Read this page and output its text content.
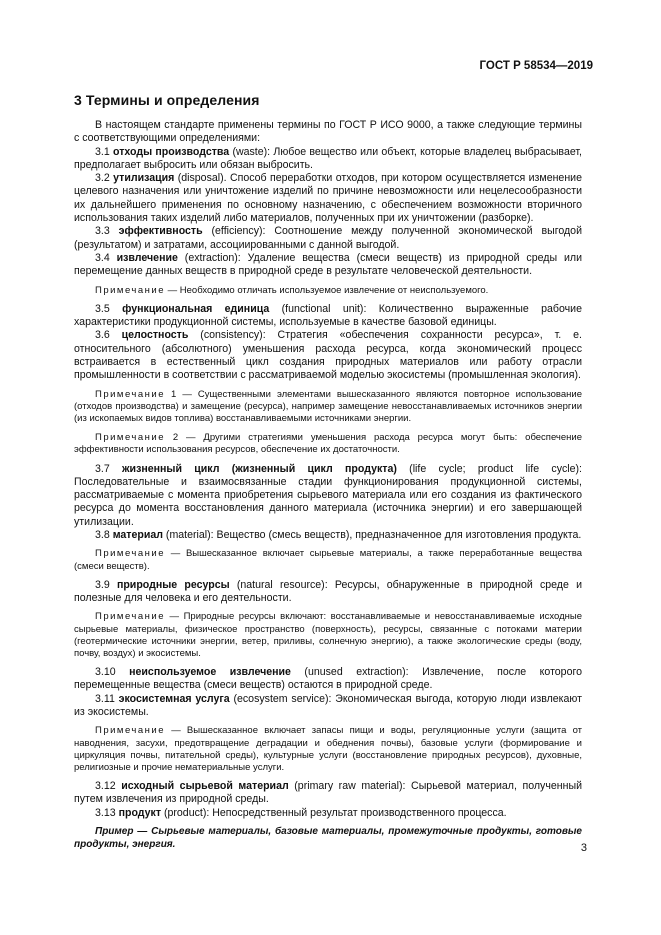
ГОСТ Р 58534—2019
3 Термины и определения

В настоящем стандарте применены термины по ГОСТ Р ИСО 9000, а также следующие термины с соответствующими определениями:

3.1 отходы производства (waste): Любое вещество или объект, которые владелец выбрасывает, предполагает выбросить или обязан выбросить.

3.2 утилизация (disposal). Способ переработки отходов, при котором осуществляется изменение целевого назначения или уничтожение изделий по причине невозможности или нецелесообразности их дальнейшего применения по основному назначению, с обеспечением возможности вторичного использования таких изделий либо материалов, полученных при их уничтожении (разборке).

3.3 эффективность (efficiency): Соотношение между полученной экономической выгодой (результатом) и затратами, ассоциированными с данной выгодой.

3.4 извлечение (extraction): Удаление вещества (смеси веществ) из природной среды или перемещение данных веществ в природной среде в результате человеческой деятельности.

Примечание — Необходимо отличать используемое извлечение от неиспользуемого.

3.5 функциональная единица (functional unit): Количественно выраженные рабочие характеристики продукционной системы, используемые в качестве базовой единицы.

3.6 целостность (consistency): Стратегия «обеспечения сохранности ресурса», т. е. относительного (абсолютного) уменьшения расхода ресурса, когда экономический процесс встраивается в естественный цикл создания природных материалов или работу отрасли промышленности в соответствии с рассматриваемой моделью экосистемы (промышленная экология).

Примечание 1 — Существенными элементами вышесказанного являются повторное использование (отходов производства) и замещение (ресурса), например замещение невосстанавливаемых источников энергии (из ископаемых видов топлива) восстанавливаемыми источниками энергии.

Примечание 2 — Другими стратегиями уменьшения расхода ресурса могут быть: обеспечение эффективности использования ресурсов, обеспечение их достаточности.

3.7 жизненный цикл (жизненный цикл продукта) (life cycle; product life cycle): Последовательные и взаимосвязанные стадии функционирования продукционной системы, рассматриваемые с момента приобретения сырьевого материала или его создания из фактического ресурса до момента восстановления данного материала (источника энергии) и его завершающей утилизации.

3.8 материал (material): Вещество (смесь веществ), предназначенное для изготовления продукта.

Примечание — Вышесказанное включает сырьевые материалы, а также переработанные вещества (смеси веществ).

3.9 природные ресурсы (natural resource): Ресурсы, обнаруженные в природной среде и полезные для человека и его деятельности.

Примечание — Природные ресурсы включают: восстанавливаемые и невосстанавливаемые исходные сырьевые материалы, физическое пространство (поверхность), ресурсы, связанные с потоками материи (геотермические источники энергии, ветер, приливы, солнечную энергию), а также экологические среды (воду, почву, воздух) и экосистемы.

3.10 неиспользуемое извлечение (unused extraction): Извлечение, после которого перемещенные вещества (смеси веществ) остаются в природной среде.

3.11 экосистемная услуга (ecosystem service): Экономическая выгода, которую люди извлекают из экосистемы.

Примечание — Вышесказанное включает запасы пищи и воды, регуляционные услуги (защита от наводнения, засухи, предотвращение деградации и обеднения почвы), базовые услуги (формирование и циркуляция почвы, питательной среды), культурные услуги (восстановление природных ресурсов), духовные, религиозные и прочие нематериальные услуги.

3.12 исходный сырьевой материал (primary raw material): Сырьевой материал, полученный путем извлечения из природной среды.

3.13 продукт (product): Непосредственный результат производственного процесса.

Пример — Сырьевые материалы, базовые материалы, промежуточные продукты, готовые продукты, энергия.	3
